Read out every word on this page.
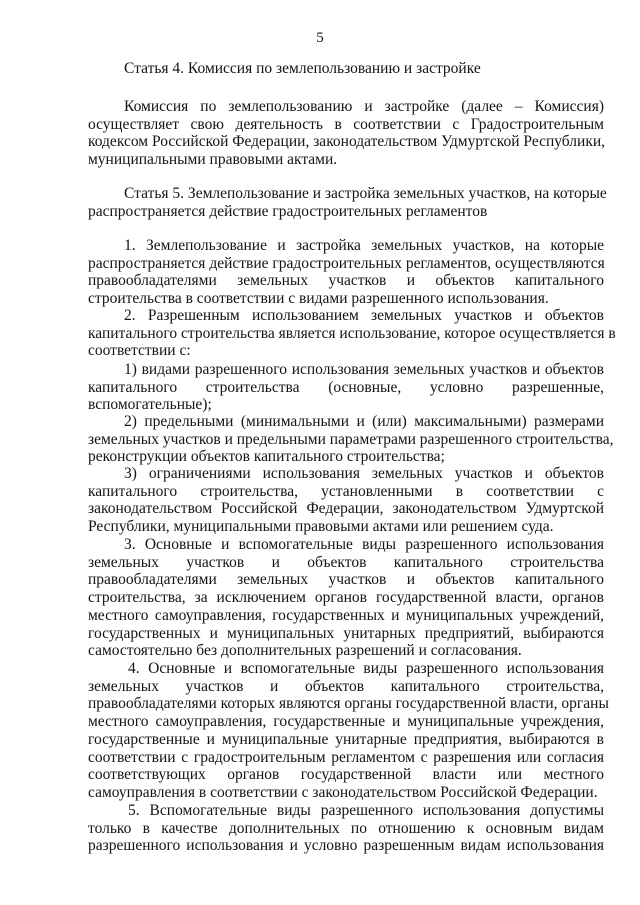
5
Статья 4. Комиссия по землепользованию и застройке
Комиссия по землепользованию и застройке (далее – Комиссия)
осуществляет свою деятельность в соответствии с Градостроительным
кодексом Российской Федерации, законодательством Удмуртской Республики,
муниципальными правовыми актами.
Статья 5. Землепользование и застройка земельных участков, на которые
распространяется действие градостроительных регламентов
1. Землепользование и застройка земельных участков, на которые
распространяется действие градостроительных регламентов, осуществляются
правообладателями земельных участков и объектов капитального
строительства в соответствии с видами разрешенного использования.
2. Разрешенным использованием земельных участков и объектов
капитального строительства является использование, которое осуществляется в
соответствии с:
1) видами разрешенного использования земельных участков и объектов
капитального строительства (основные, условно разрешенные,
вспомогательные);
2) предельными (минимальными и (или) максимальными) размерами
земельных участков и предельными параметрами разрешенного строительства,
реконструкции объектов капитального строительства;
3) ограничениями использования земельных участков и объектов
капитального строительства, установленными в соответствии с
законодательством Российской Федерации, законодательством Удмуртской
Республики, муниципальными правовыми актами или решением суда.
3. Основные и вспомогательные виды разрешенного использования
земельных участков и объектов капитального строительства
правообладателями земельных участков и объектов капитального
строительства, за исключением органов государственной власти, органов
местного самоуправления, государственных и муниципальных учреждений,
государственных и муниципальных унитарных предприятий, выбираются
самостоятельно без дополнительных разрешений и согласования.
4. Основные и вспомогательные виды разрешенного использования
земельных участков и объектов капитального строительства,
правообладателями которых являются органы государственной власти, органы
местного самоуправления, государственные и муниципальные учреждения,
государственные и муниципальные унитарные предприятия, выбираются в
соответствии с градостроительным регламентом с разрешения или согласия
соответствующих органов государственной власти или местного
самоуправления в соответствии с законодательством Российской Федерации.
5. Вспомогательные виды разрешенного использования допустимы
только в качестве дополнительных по отношению к основным видам
разрешенного использования и условно разрешенным видам использования
